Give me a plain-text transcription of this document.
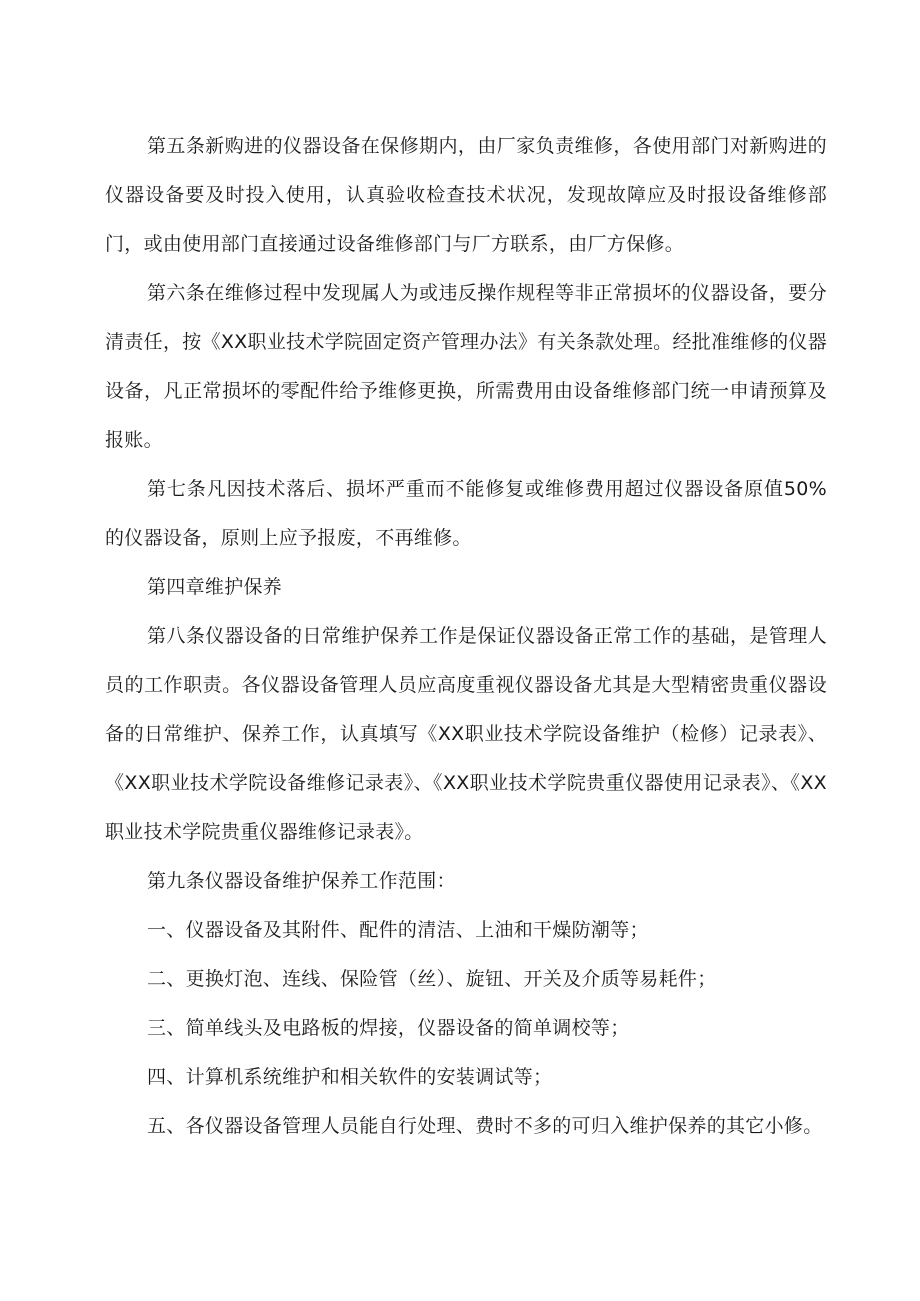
第五条新购进的仪器设备在保修期内，由厂家负责维修，各使用部门对新购进的仪器设备要及时投入使用，认真验收检查技术状况，发现故障应及时报设备维修部门，或由使用部门直接通过设备维修部门与厂方联系，由厂方保修。

第六条在维修过程中发现属人为或违反操作规程等非正常损坏的仪器设备，要分清责任，按《XX职业技术学院固定资产管理办法》有关条款处理。经批准维修的仪器设备，凡正常损坏的零配件给予维修更换，所需费用由设备维修部门统一申请预算及报账。

第七条凡因技术落后、损坏严重而不能修复或维修费用超过仪器设备原值50%的仪器设备，原则上应予报废，不再维修。

第四章维护保养

第八条仪器设备的日常维护保养工作是保证仪器设备正常工作的基础，是管理人员的工作职责。各仪器设备管理人员应高度重视仪器设备尤其是大型精密贵重仪器设备的日常维护、保养工作，认真填写《XX职业技术学院设备维护（检修）记录表》、《XX职业技术学院设备维修记录表》、《XX职业技术学院贵重仪器使用记录表》、《XX职业技术学院贵重仪器维修记录表》。

第九条仪器设备维护保养工作范围：

一、仪器设备及其附件、配件的清洁、上油和干燥防潮等；

二、更换灯泡、连线、保险管（丝）、旋钮、开关及介质等易耗件；

三、简单线头及电路板的焊接，仪器设备的简单调校等；

四、计算机系统维护和相关软件的安装调试等；

五、各仪器设备管理人员能自行处理、费时不多的可归入维护保养的其它小修。
